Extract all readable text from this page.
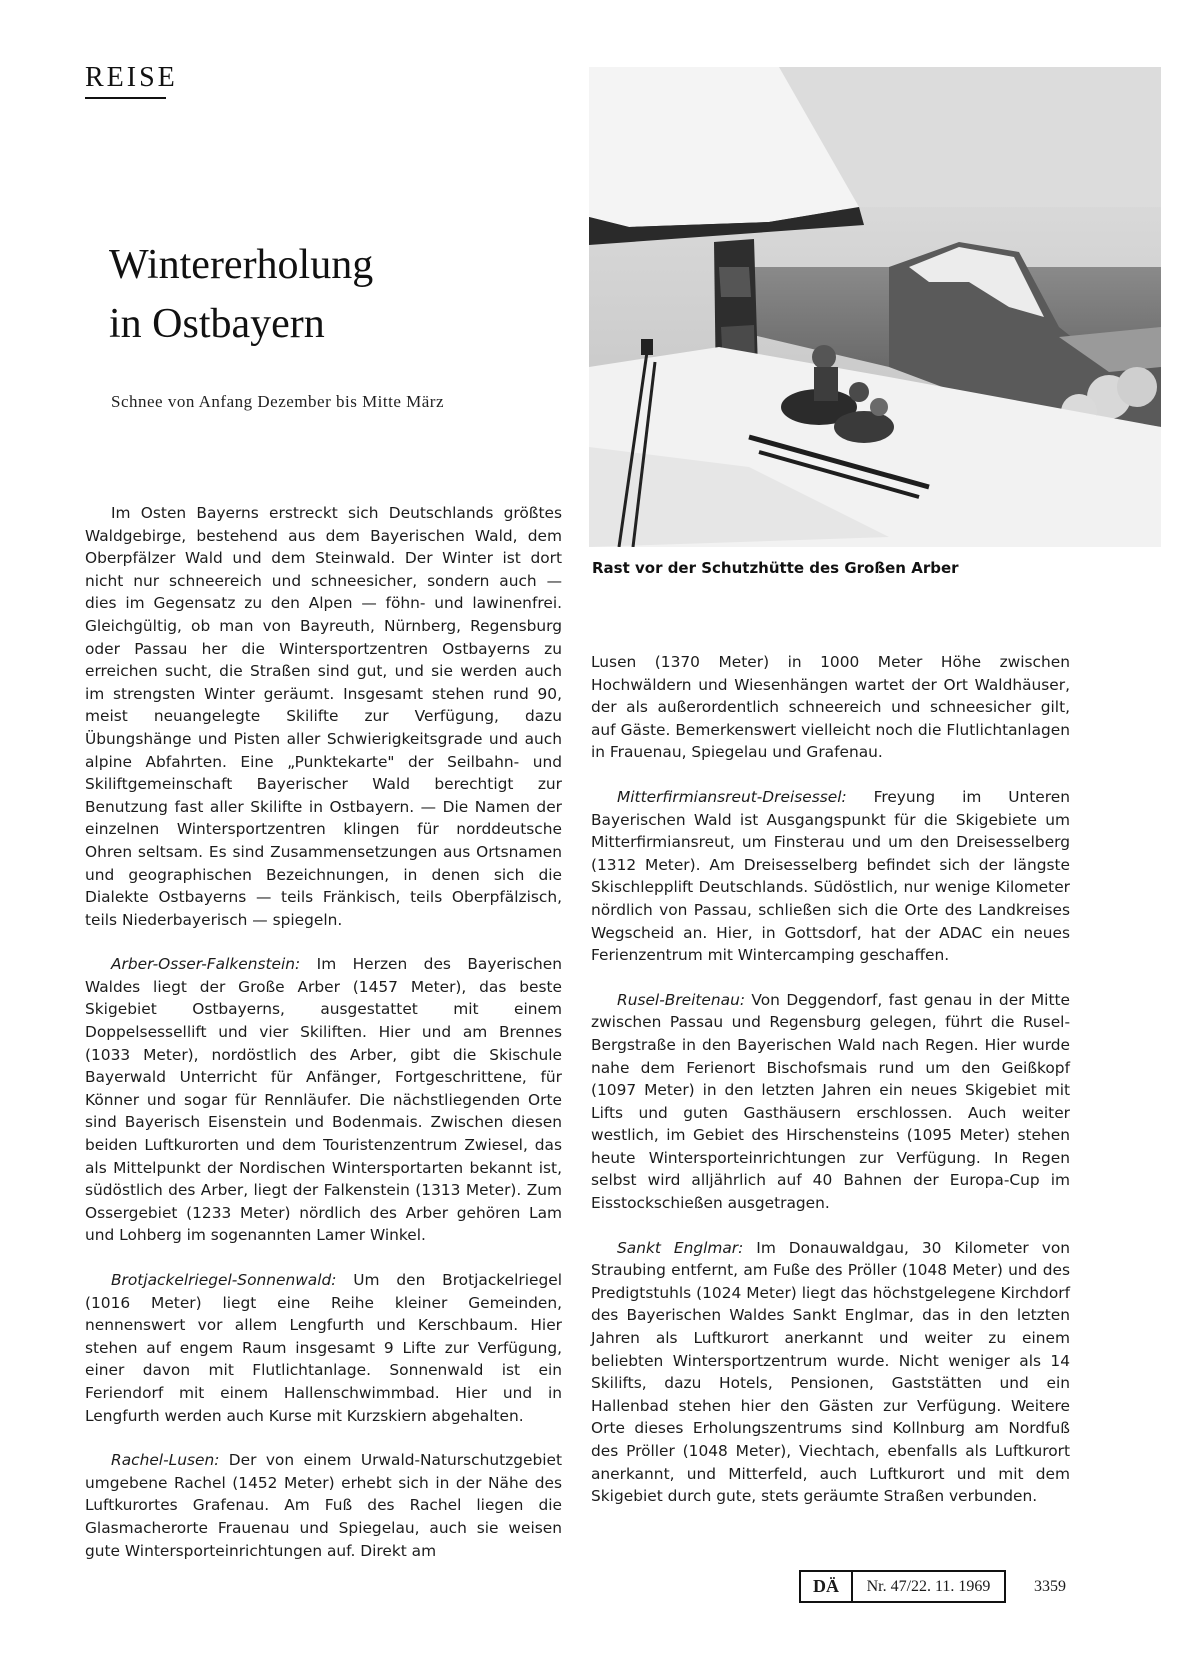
REISE
Wintererholung
in Ostbayern
Schnee von Anfang Dezember bis Mitte März
Rast vor der Schutzhütte des Großen Arber

Im Osten Bayerns erstreckt sich Deutschlands größtes Waldgebirge, bestehend aus dem Bayerischen Wald, dem Oberpfälzer Wald und dem Steinwald. Der Winter ist dort nicht nur schneereich und schneesicher, sondern auch — dies im Gegensatz zu den Alpen — föhn- und lawinenfrei. Gleichgültig, ob man von Bayreuth, Nürnberg, Regensburg oder Passau her die Wintersportzentren Ostbayerns zu erreichen sucht, die Straßen sind gut, und sie werden auch im strengsten Winter geräumt. Insgesamt stehen rund 90, meist neuangelegte Skilifte zur Verfügung, dazu Übungshänge und Pisten aller Schwierigkeitsgrade und auch alpine Abfahrten. Eine „Punktekarte" der Seilbahn- und Skiliftgemeinschaft Bayerischer Wald berechtigt zur Benutzung fast aller Skilifte in Ostbayern. — Die Namen der einzelnen Wintersportzentren klingen für norddeutsche Ohren seltsam. Es sind Zusammensetzungen aus Ortsnamen und geographischen Bezeichnungen, in denen sich die Dialekte Ostbayerns — teils Fränkisch, teils Oberpfälzisch, teils Niederbayerisch — spiegeln.

Arber-Osser-Falkenstein: Im Herzen des Bayerischen Waldes liegt der Große Arber (1457 Meter), das beste Skigebiet Ostbayerns, ausgestattet mit einem Doppelsessellift und vier Skiliften. Hier und am Brennes (1033 Meter), nordöstlich des Arber, gibt die Skischule Bayerwald Unterricht für Anfänger, Fortgeschrittene, für Könner und sogar für Rennläufer. Die nächstliegenden Orte sind Bayerisch Eisenstein und Bodenmais. Zwischen diesen beiden Luftkurorten und dem Touristenzentrum Zwiesel, das als Mittelpunkt der Nordischen Wintersportarten bekannt ist, südöstlich des Arber, liegt der Falkenstein (1313 Meter). Zum Ossergebiet (1233 Meter) nördlich des Arber gehören Lam und Lohberg im sogenannten Lamer Winkel.

Brotjackelriegel-Sonnenwald: Um den Brotjackelriegel (1016 Meter) liegt eine Reihe kleiner Gemeinden, nennenswert vor allem Lengfurth und Kerschbaum. Hier stehen auf engem Raum insgesamt 9 Lifte zur Verfügung, einer davon mit Flutlichtanlage. Sonnenwald ist ein Feriendorf mit einem Hallenschwimmbad. Hier und in Lengfurth werden auch Kurse mit Kurzskiern abgehalten.

Rachel-Lusen: Der von einem Urwald-Naturschutzgebiet umgebene Rachel (1452 Meter) erhebt sich in der Nähe des Luftkurortes Grafenau. Am Fuß des Rachel liegen die Glasmacherorte Frauenau und Spiegelau, auch sie weisen gute Wintersporteinrichtungen auf. Direkt am

Lusen (1370 Meter) in 1000 Meter Höhe zwischen Hochwäldern und Wiesenhängen wartet der Ort Waldhäuser, der als außerordentlich schneereich und schneesicher gilt, auf Gäste. Bemerkenswert vielleicht noch die Flutlichtanlagen in Frauenau, Spiegelau und Grafenau.

Mitterfirmiansreut-Dreisessel: Freyung im Unteren Bayerischen Wald ist Ausgangspunkt für die Skigebiete um Mitterfirmiansreut, um Finsterau und um den Dreisesselberg (1312 Meter). Am Dreisesselberg befindet sich der längste Skischlepplift Deutschlands. Südöstlich, nur wenige Kilometer nördlich von Passau, schließen sich die Orte des Landkreises Wegscheid an. Hier, in Gottsdorf, hat der ADAC ein neues Ferienzentrum mit Wintercamping geschaffen.

Rusel-Breitenau: Von Deggendorf, fast genau in der Mitte zwischen Passau und Regensburg gelegen, führt die Rusel-Bergstraße in den Bayerischen Wald nach Regen. Hier wurde nahe dem Ferienort Bischofsmais rund um den Geißkopf (1097 Meter) in den letzten Jahren ein neues Skigebiet mit Lifts und guten Gasthäusern erschlossen. Auch weiter westlich, im Gebiet des Hirschensteins (1095 Meter) stehen heute Wintersporteinrichtungen zur Verfügung. In Regen selbst wird alljährlich auf 40 Bahnen der Europa-Cup im Eisstockschießen ausgetragen.

Sankt Englmar: Im Donauwaldgau, 30 Kilometer von Straubing entfernt, am Fuße des Pröller (1048 Meter) und des Predigtstuhls (1024 Meter) liegt das höchstgelegene Kirchdorf des Bayerischen Waldes Sankt Englmar, das in den letzten Jahren als Luftkurort anerkannt und weiter zu einem beliebten Wintersportzentrum wurde. Nicht weniger als 14 Skilifts, dazu Hotels, Pensionen, Gaststätten und ein Hallenbad stehen hier den Gästen zur Verfügung. Weitere Orte dieses Erholungszentrums sind Kollnburg am Nordfuß des Pröller (1048 Meter), Viechtach, ebenfalls als Luftkurort anerkannt, und Mitterfeld, auch Luftkurort und mit dem Skigebiet durch gute, stets geräumte Straßen verbunden.

DÄ	Nr. 47/22. 11. 1969	3359
